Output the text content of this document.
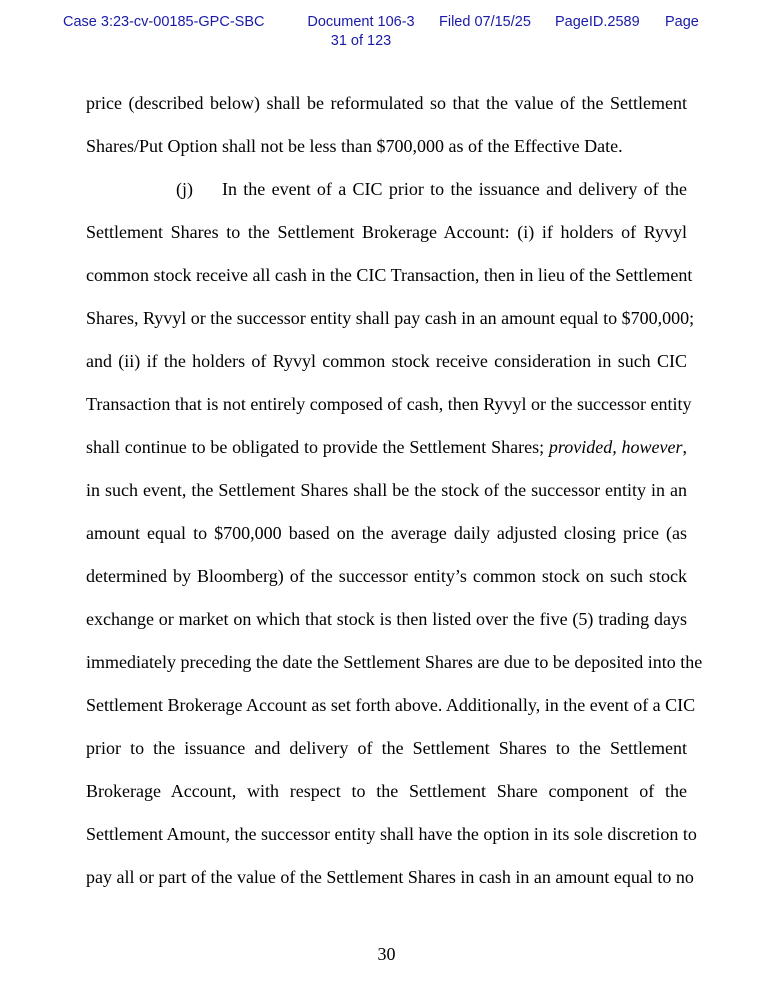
Case 3:23-cv-00185-GPC-SBC	Document 106-3
31 of 123
Filed 07/15/25 PageID.2589 Page
price (described below) shall be reformulated so that the value of the Settlement
Shares/Put Option shall not be less than $700,000 as of the Effective Date.
(j) In the event of a CIC prior to the issuance and delivery of the
Settlement Shares to the Settlement Brokerage Account: (i) if holders of Ryvyl
common stock receive all cash in the CIC Transaction, then in lieu of the Settlement
Shares, Ryvyl or the successor entity shall pay cash in an amount equal to $700,000;
and (ii) if the holders of Ryvyl common stock receive consideration in such CIC
Transaction that is not entirely composed of cash, then Ryvyl or the successor entity
shall continue to be obligated to provide the Settlement Shares; provided, however,
in such event, the Settlement Shares shall be the stock of the successor entity in an
amount equal to $700,000 based on the average daily adjusted closing price (as
determined by Bloomberg) of the successor entity’s common stock on such stock
exchange or market on which that stock is then listed over the five (5) trading days
immediately preceding the date the Settlement Shares are due to be deposited into the
Settlement Brokerage Account as set forth above. Additionally, in the event of a CIC
prior to the issuance and delivery of the Settlement Shares to the Settlement
Brokerage Account, with respect to the Settlement Share component of the
Settlement Amount, the successor entity shall have the option in its sole discretion to
pay all or part of the value of the Settlement Shares in cash in an amount equal to no
30
